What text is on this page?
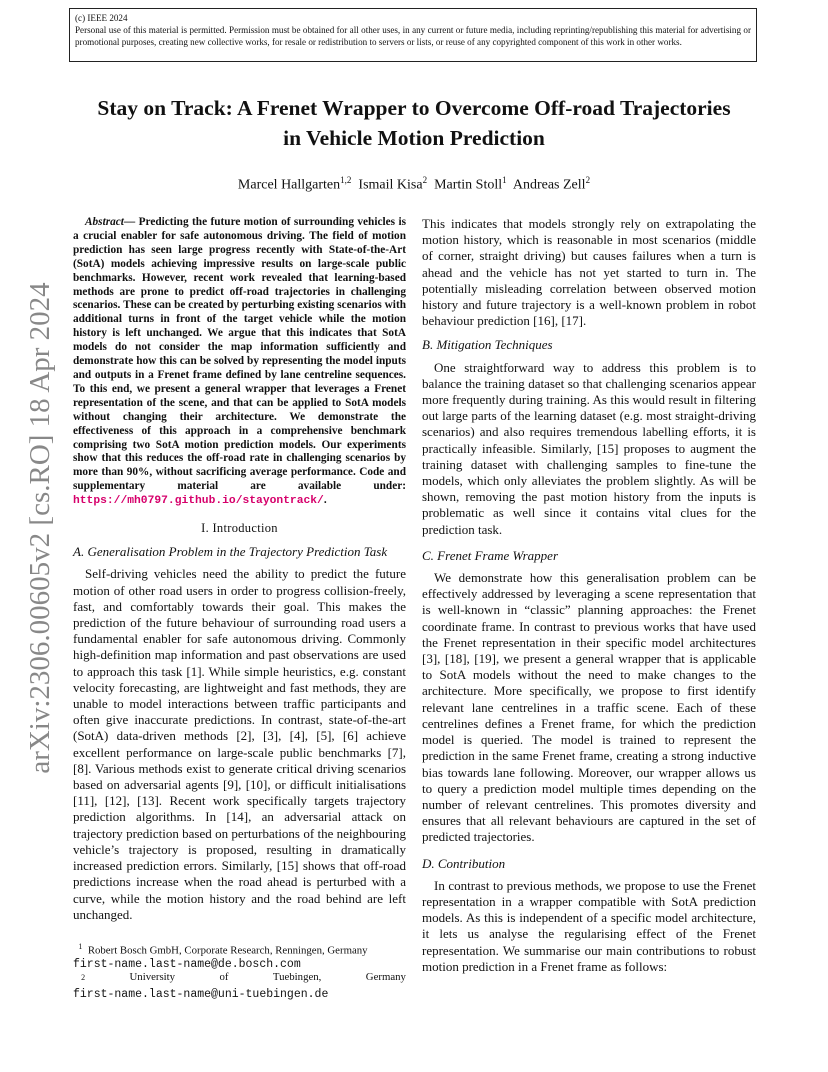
(c) IEEE 2024

Personal use of this material is permitted. Permission must be obtained for all other uses, in any current or future media, including reprinting/republishing this material for advertising or promotional purposes, creating new collective works, for resale or redistribution to servers or lists, or reuse of any copyrighted component of this work in other works.

arXiv:2306.00605v2 [cs.RO] 18 Apr 2024
Stay on Track: A Frenet Wrapper to Overcome Off-road Trajectories
in Vehicle Motion Prediction
Marcel Hallgarten$^{1,2}$ Ismail Kisa$^2$ Martin Stoll$^1$ Andreas Zell$^2$

Abstract— Predicting the future motion of surrounding vehicles is a crucial enabler for safe autonomous driving. The field of motion prediction has seen large progress recently with State-of-the-Art (SotA) models achieving impressive results on large-scale public benchmarks. However, recent work revealed that learning-based methods are prone to predict off-road trajectories in challenging scenarios. These can be created by perturbing existing scenarios with additional turns in front of the target vehicle while the motion history is left unchanged. We argue that this indicates that SotA models do not consider the map information sufficiently and demonstrate how this can be solved by representing the model inputs and outputs in a Frenet frame defined by lane centreline sequences. To this end, we present a general wrapper that leverages a Frenet representation of the scene, and that can be applied to SotA models without changing their architecture. We demonstrate the effectiveness of this approach in a comprehensive benchmark comprising two SotA motion prediction models. Our experiments show that this reduces the off-road rate in challenging scenarios by more than 90%, without sacrificing average performance. Code and supplementary material are available under: https://mh0797.github.io/stayontrack/.

I. Introduction
A. Generalisation Problem in the Trajectory Prediction Task

Self-driving vehicles need the ability to predict the future motion of other road users in order to progress collision-freely, fast, and comfortably towards their goal. This makes the prediction of the future behaviour of surrounding road users a fundamental enabler for safe autonomous driving. Commonly high-definition map information and past observations are used to approach this task [1]. While simple heuristics, e.g. constant velocity forecasting, are lightweight and fast methods, they are unable to model interactions between traffic participants and often give inaccurate predictions. In contrast, state-of-the-art (SotA) data-driven methods [2], [3], [4], [5], [6] achieve excellent performance on large-scale public benchmarks [7], [8]. Various methods exist to generate critical driving scenarios based on adversarial agents [9], [10], or difficult initialisations [11], [12], [13]. Recent work specifically targets trajectory prediction algorithms. In [14], an adversarial attack on trajectory prediction based on perturbations of the neighbouring vehicle’s trajectory is proposed, resulting in dramatically increased prediction errors. Similarly, [15] shows that off-road predictions increase when the road ahead is perturbed with a curve, while the motion history and the road behind are left unchanged.

$^1$ Robert Bosch GmbH, Corporate Research, Renningen, Germany

first-name.last-name@de.bosch.com

$^2$	University	of	Tuebingen,	Germany

first-name.last-name@uni-tuebingen.de

This indicates that models strongly rely on extrapolating the motion history, which is reasonable in most scenarios (middle of corner, straight driving) but causes failures when a turn is ahead and the vehicle has not yet started to turn in. The potentially misleading correlation between observed motion history and future trajectory is a well-known problem in robot behaviour prediction [16], [17].

B. Mitigation Techniques

One straightforward way to address this problem is to balance the training dataset so that challenging scenarios appear more frequently during training. As this would result in filtering out large parts of the learning dataset (e.g. most straight-driving scenarios) and also requires tremendous labelling efforts, it is practically infeasible. Similarly, [15] proposes to augment the training dataset with challenging samples to fine-tune the models, which only alleviates the problem slightly. As will be shown, removing the past motion history from the inputs is problematic as well since it contains vital clues for the prediction task.

C. Frenet Frame Wrapper

We demonstrate how this generalisation problem can be effectively addressed by leveraging a scene representation that is well-known in “classic” planning approaches: the Frenet coordinate frame. In contrast to previous works that have used the Frenet representation in their specific model architectures [3], [18], [19], we present a general wrapper that is applicable to SotA models without the need to make changes to the architecture. More specifically, we propose to first identify relevant lane centrelines in a traffic scene. Each of these centrelines defines a Frenet frame, for which the prediction model is queried. The model is trained to represent the prediction in the same Frenet frame, creating a strong inductive bias towards lane following. Moreover, our wrapper allows us to query a prediction model multiple times depending on the number of relevant centrelines. This promotes diversity and ensures that all relevant behaviours are captured in the set of predicted trajectories.

D. Contribution

In contrast to previous methods, we propose to use the Frenet representation in a wrapper compatible with SotA prediction models. As this is independent of a specific model architecture, it lets us analyse the regularising effect of the Frenet representation. We summarise our main contributions to robust motion prediction in a Frenet frame as follows:
